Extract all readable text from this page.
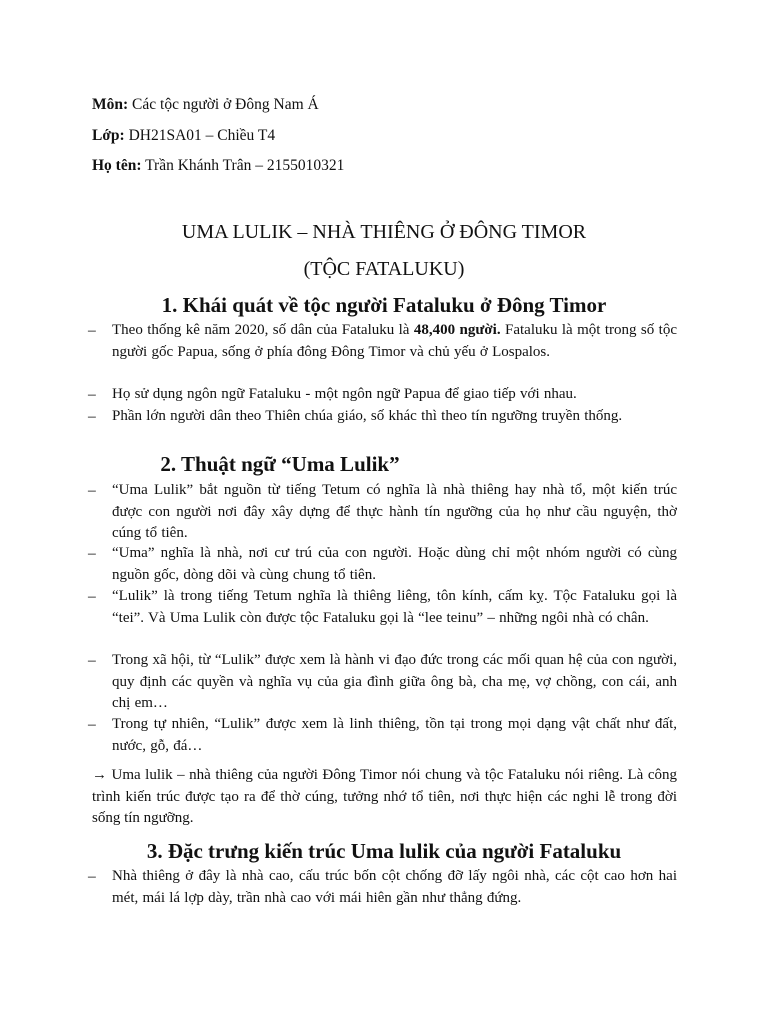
Môn: Các tộc người ở Đông Nam Á
Lớp: DH21SA01 – Chiều T4
Họ tên: Trần Khánh Trân – 2155010321
UMA LULIK – NHÀ THIÊNG Ở ĐÔNG TIMOR
(TỘC FATALUKU)
1. Khái quát về tộc người Fataluku ở Đông Timor
– Theo thống kê năm 2020, số dân của Fataluku là 48,400 người. Fataluku là một trong số tộc người gốc Papua, sống ở phía đông Đông Timor và chủ yếu ở Lospalos.
– Họ sử dụng ngôn ngữ Fataluku - một ngôn ngữ Papua để giao tiếp với nhau.
– Phần lớn người dân theo Thiên chúa giáo, số khác thì theo tín ngưỡng truyền thống.
2. Thuật ngữ “Uma Lulik”
– “Uma Lulik” bắt nguồn từ tiếng Tetum có nghĩa là nhà thiêng hay nhà tổ, một kiến trúc được con người nơi đây xây dựng để thực hành tín ngưỡng của họ như cầu nguyện, thờ cúng tổ tiên.
– “Uma” nghĩa là nhà, nơi cư trú của con người. Hoặc dùng chỉ một nhóm người có cùng nguồn gốc, dòng dõi và cùng chung tổ tiên.
– “Lulik” là trong tiếng Tetum nghĩa là thiêng liêng, tôn kính, cấm kỵ. Tộc Fataluku gọi là “tei”. Và Uma Lulik còn được tộc Fataluku gọi là “lee teinu” – những ngôi nhà có chân.
– Trong xã hội, từ “Lulik” được xem là hành vi đạo đức trong các mối quan hệ của con người, quy định các quyền và nghĩa vụ của gia đình giữa ông bà, cha mẹ, vợ chồng, con cái, anh chị em…
– Trong tự nhiên, “Lulik” được xem là linh thiêng, tồn tại trong mọi dạng vật chất như đất, nước, gỗ, đá…
→ Uma lulik – nhà thiêng của người Đông Timor nói chung và tộc Fataluku nói riêng. Là công trình kiến trúc được tạo ra để thờ cúng, tưởng nhớ tổ tiên, nơi thực hiện các nghi lễ trong đời sống tín ngưỡng.
3. Đặc trưng kiến trúc Uma lulik của người Fataluku
– Nhà thiêng ở đây là nhà cao, cấu trúc bốn cột chống đỡ lấy ngôi nhà, các cột cao hơn hai mét, mái lá lợp dày, trần nhà cao với mái hiên gần như thẳng đứng.
